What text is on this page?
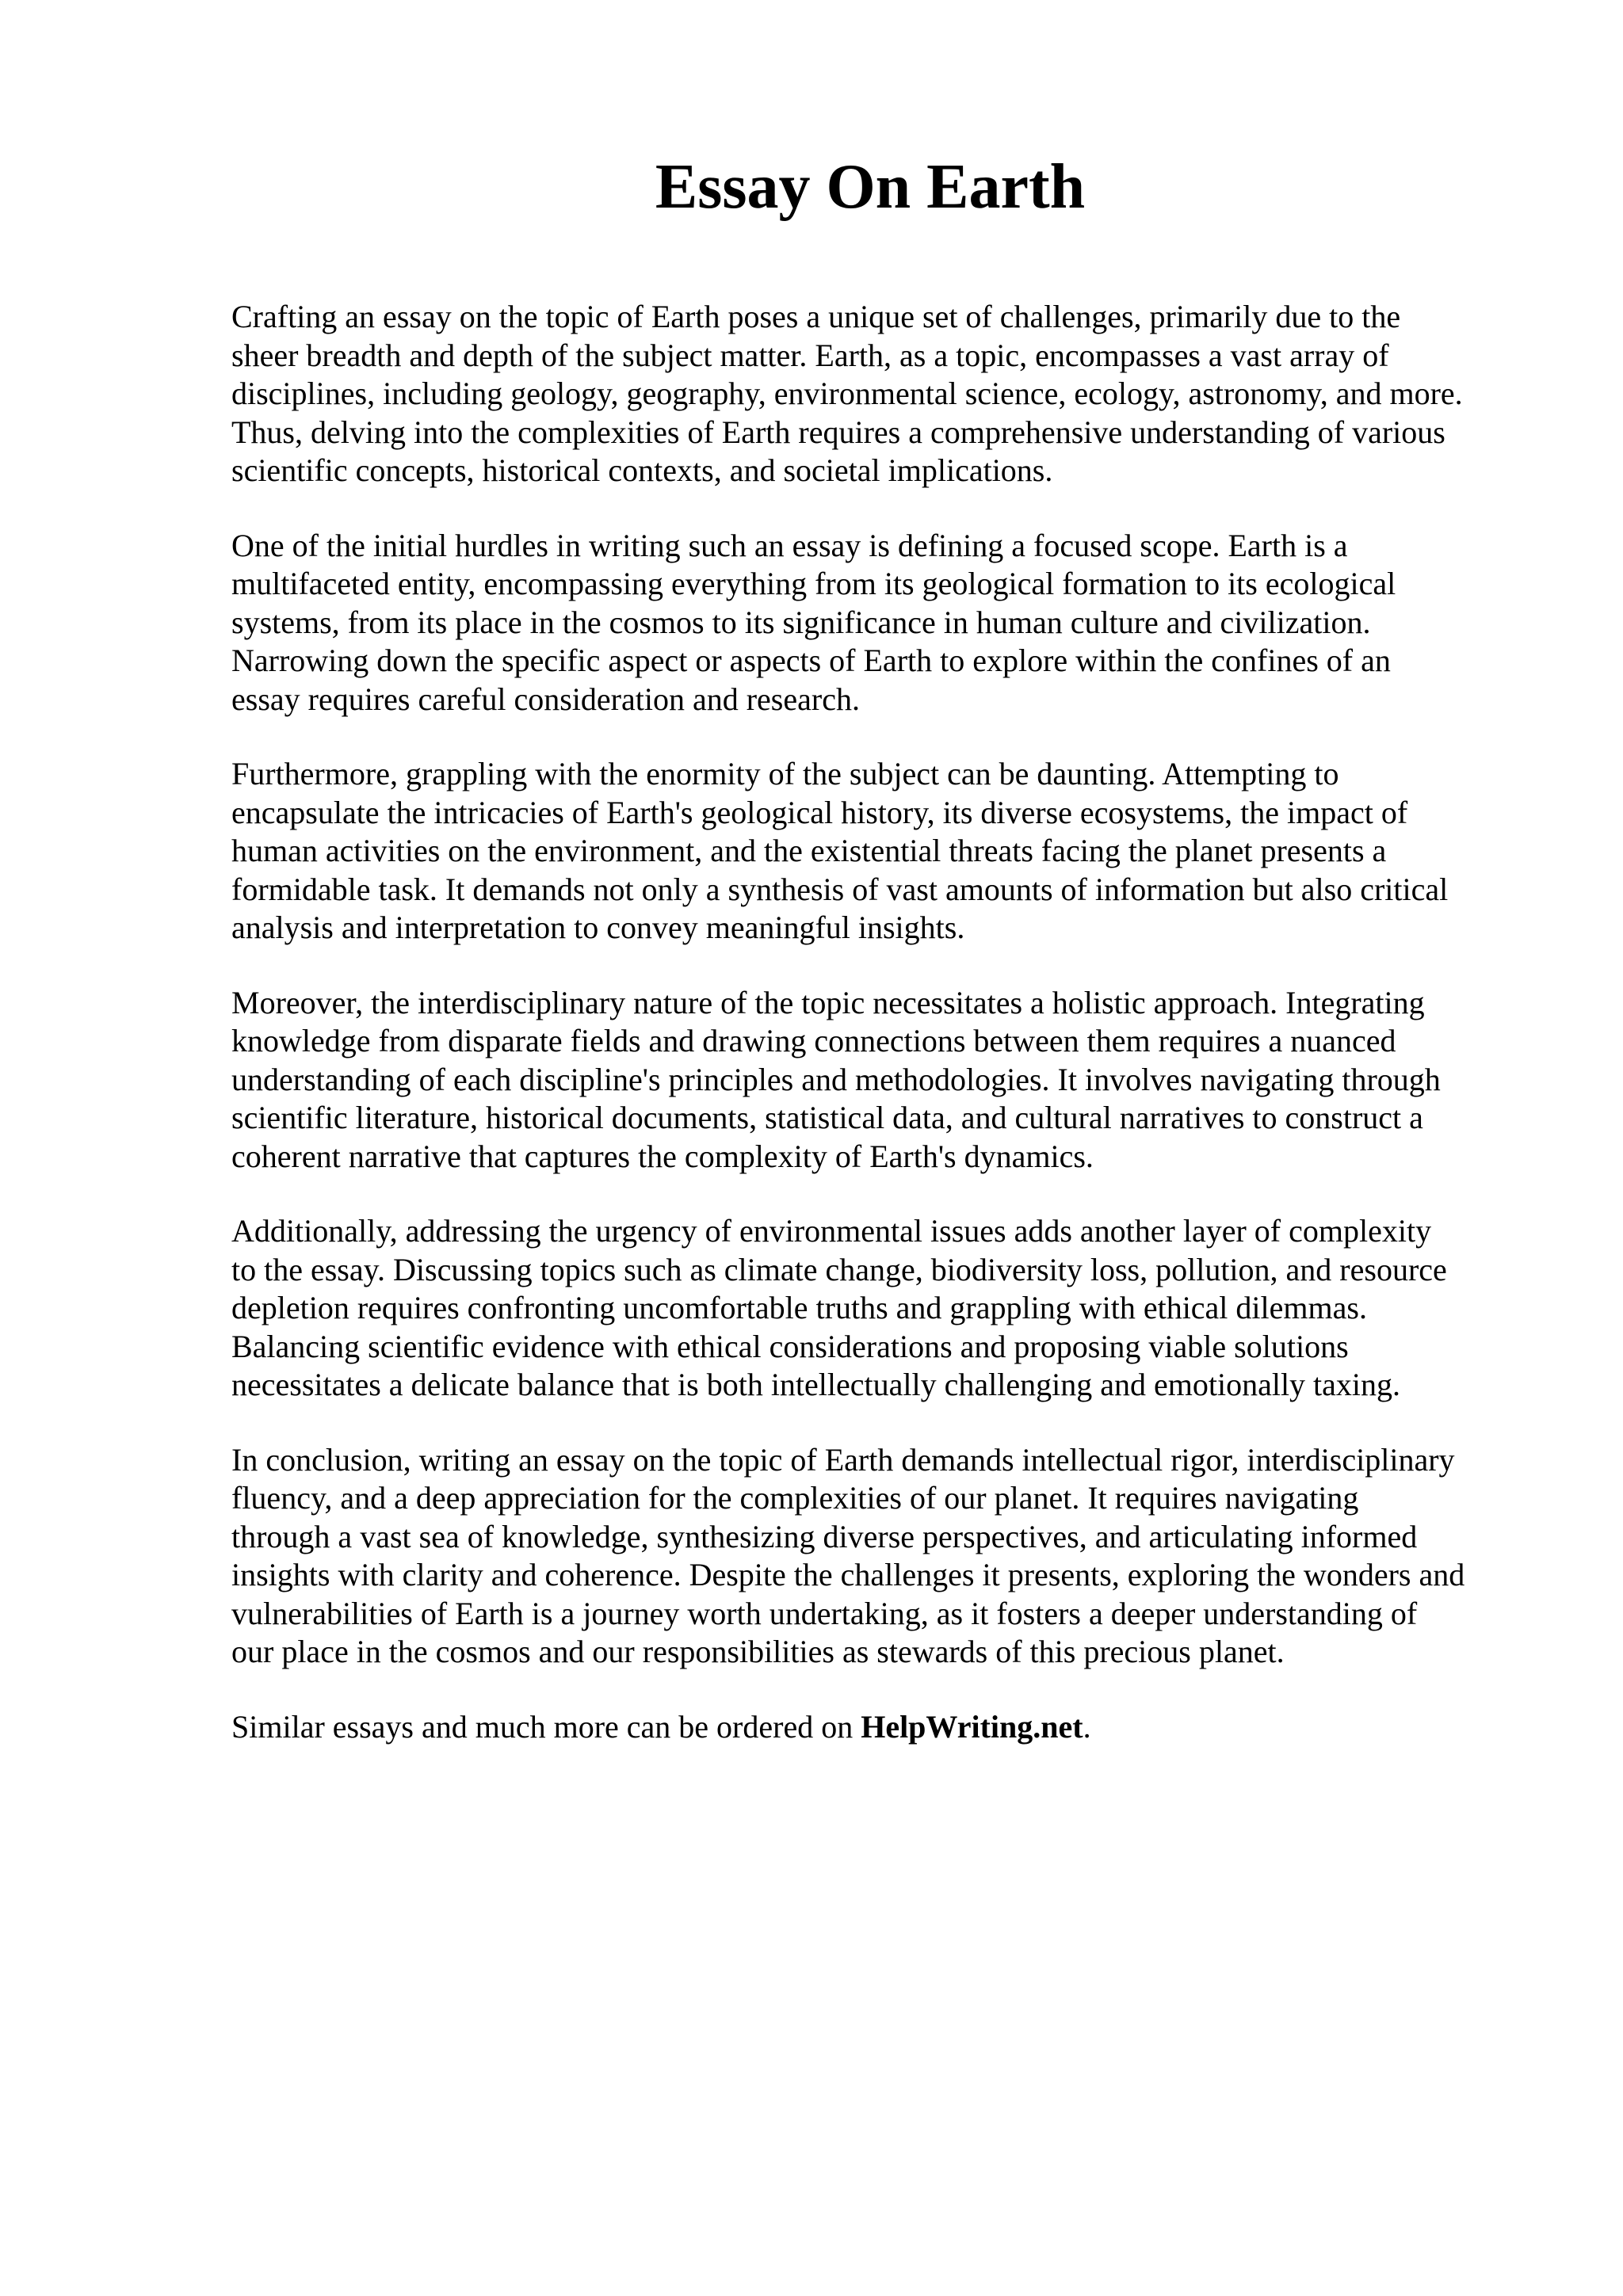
Essay On Earth

Crafting an essay on the topic of Earth poses a unique set of challenges, primarily due to the
sheer breadth and depth of the subject matter. Earth, as a topic, encompasses a vast array of
disciplines, including geology, geography, environmental science, ecology, astronomy, and more.
Thus, delving into the complexities of Earth requires a comprehensive understanding of various
scientific concepts, historical contexts, and societal implications.

One of the initial hurdles in writing such an essay is defining a focused scope. Earth is a
multifaceted entity, encompassing everything from its geological formation to its ecological
systems, from its place in the cosmos to its significance in human culture and civilization.
Narrowing down the specific aspect or aspects of Earth to explore within the confines of an
essay requires careful consideration and research.

Furthermore, grappling with the enormity of the subject can be daunting. Attempting to
encapsulate the intricacies of Earth's geological history, its diverse ecosystems, the impact of
human activities on the environment, and the existential threats facing the planet presents a
formidable task. It demands not only a synthesis of vast amounts of information but also critical
analysis and interpretation to convey meaningful insights.

Moreover, the interdisciplinary nature of the topic necessitates a holistic approach. Integrating
knowledge from disparate fields and drawing connections between them requires a nuanced
understanding of each discipline's principles and methodologies. It involves navigating through
scientific literature, historical documents, statistical data, and cultural narratives to construct a
coherent narrative that captures the complexity of Earth's dynamics.

Additionally, addressing the urgency of environmental issues adds another layer of complexity
to the essay. Discussing topics such as climate change, biodiversity loss, pollution, and resource
depletion requires confronting uncomfortable truths and grappling with ethical dilemmas.
Balancing scientific evidence with ethical considerations and proposing viable solutions
necessitates a delicate balance that is both intellectually challenging and emotionally taxing.

In conclusion, writing an essay on the topic of Earth demands intellectual rigor, interdisciplinary
fluency, and a deep appreciation for the complexities of our planet. It requires navigating
through a vast sea of knowledge, synthesizing diverse perspectives, and articulating informed
insights with clarity and coherence. Despite the challenges it presents, exploring the wonders and
vulnerabilities of Earth is a journey worth undertaking, as it fosters a deeper understanding of
our place in the cosmos and our responsibilities as stewards of this precious planet.

Similar essays and much more can be ordered on HelpWriting.net.
